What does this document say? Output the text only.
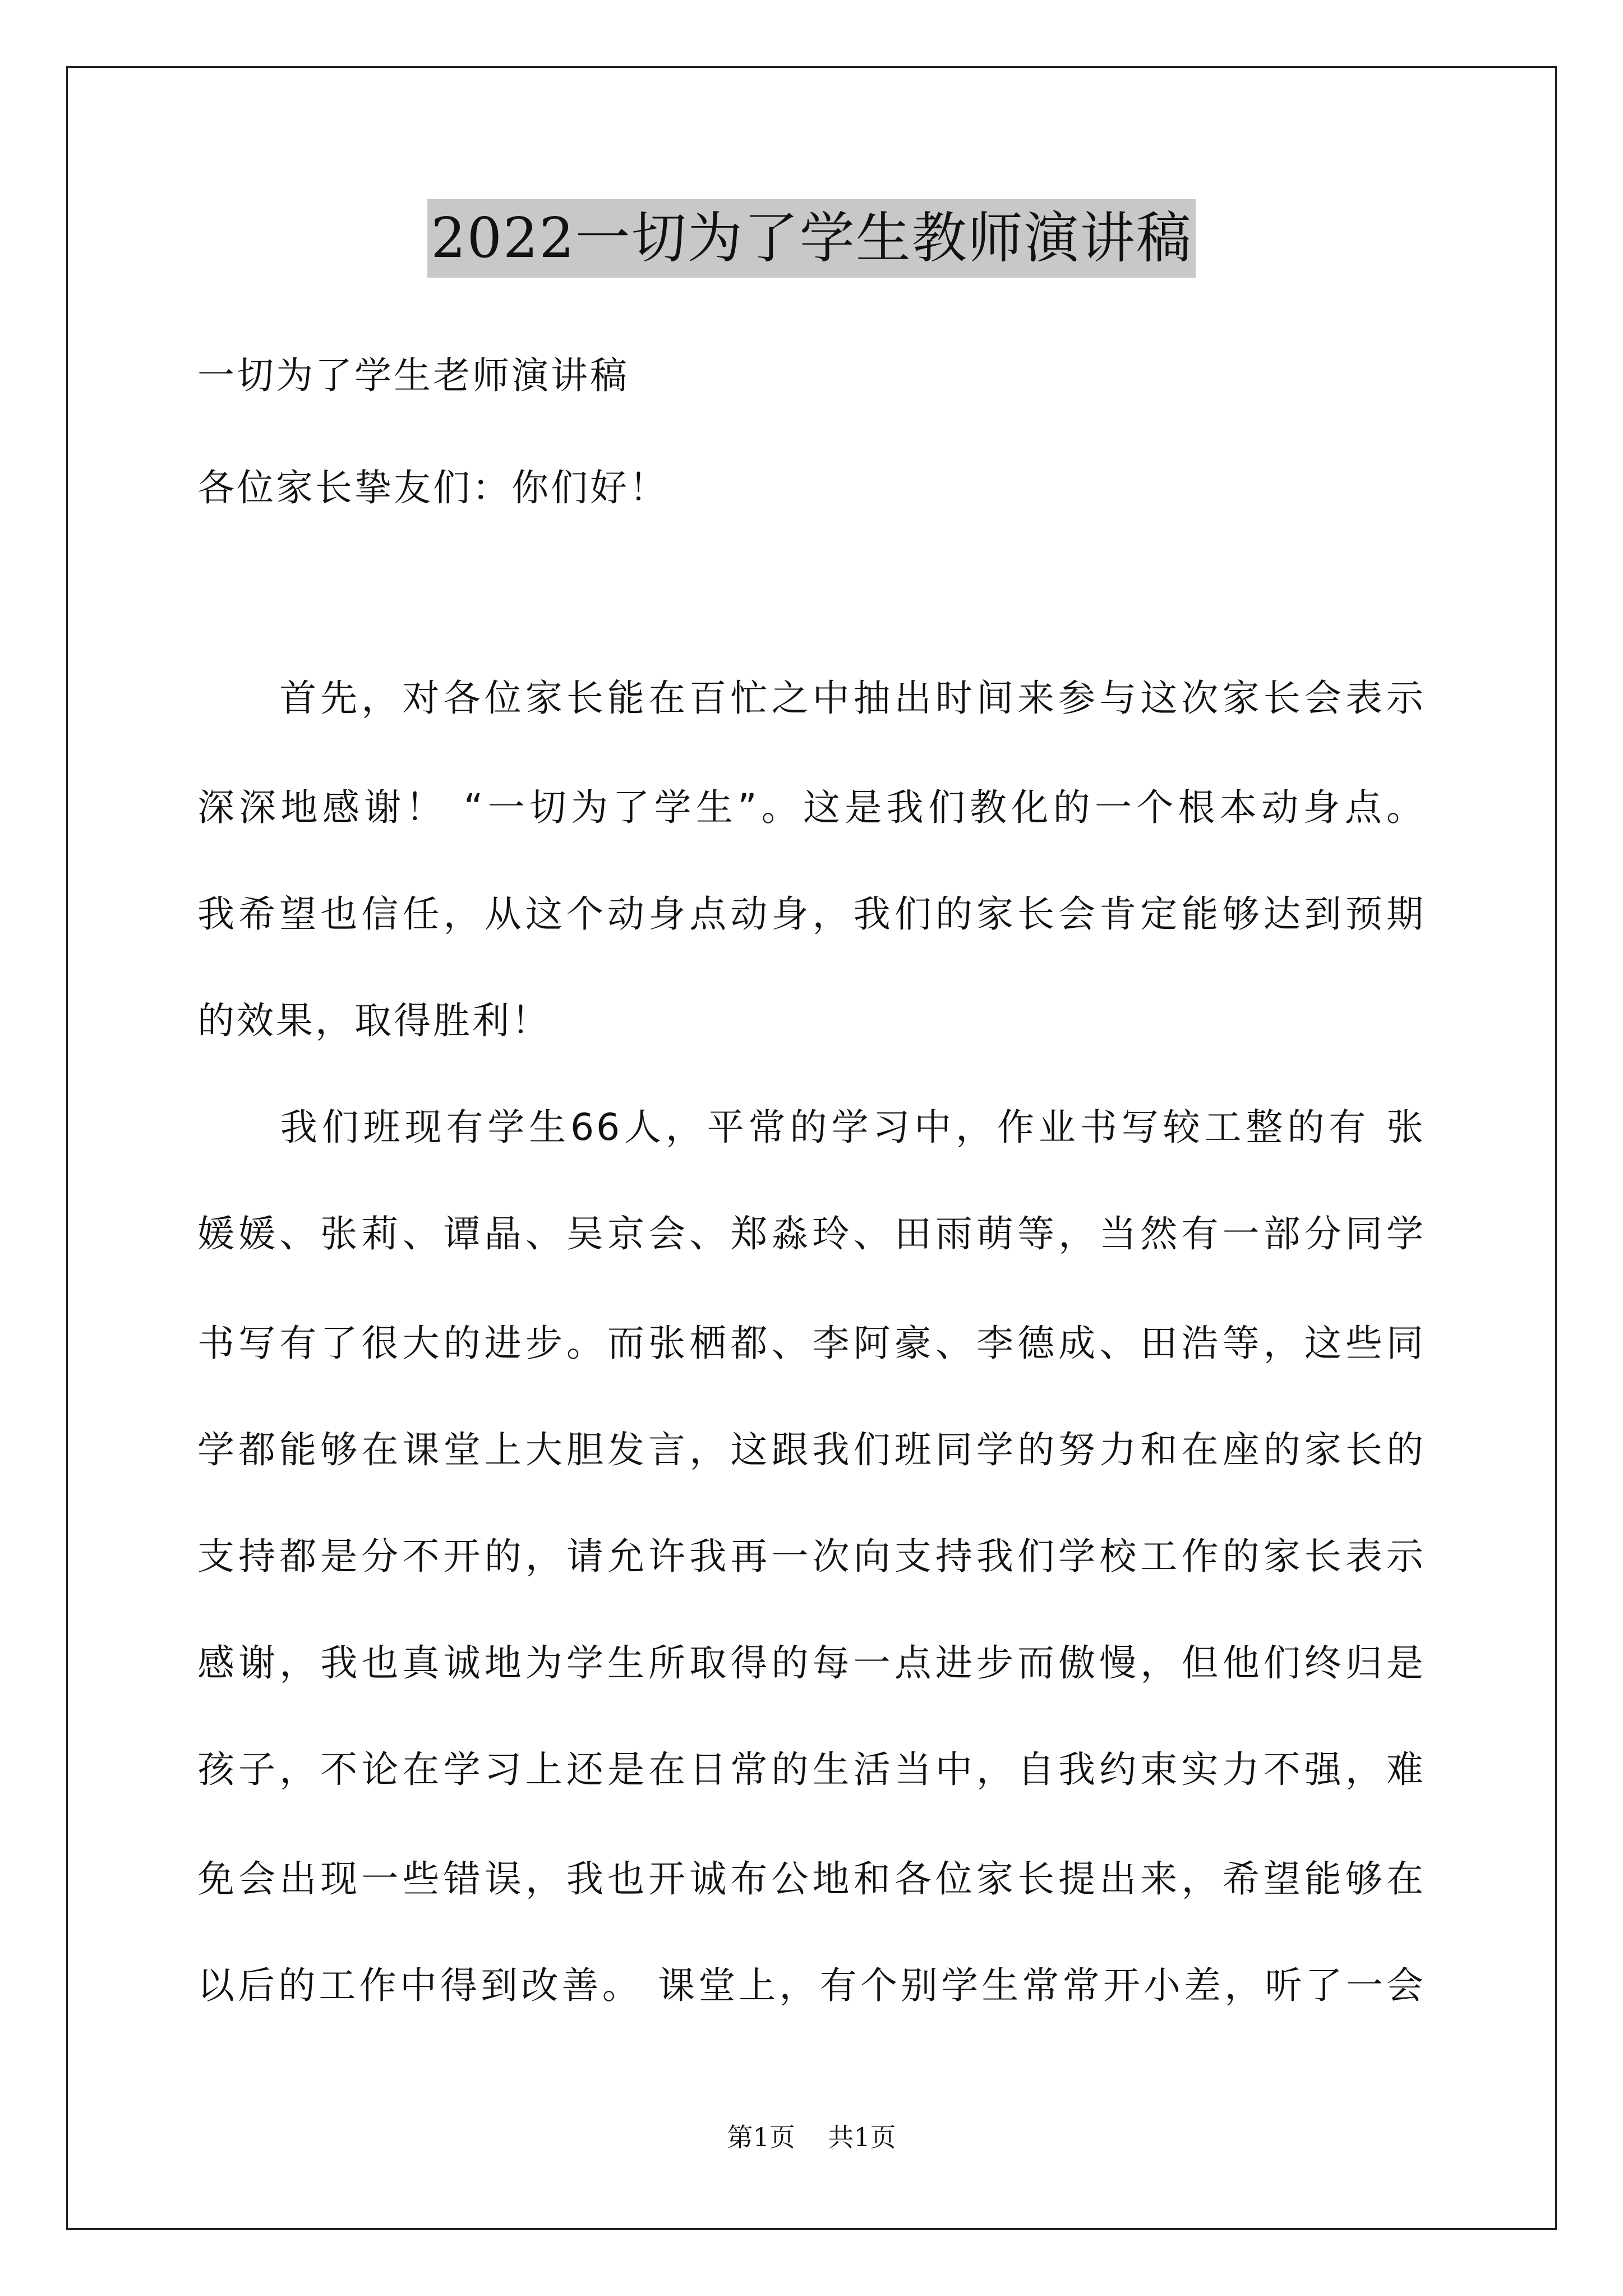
2022一切为了学生教师演讲稿
一切为了学生老师演讲稿
各位家长挚友们：你们好！
　　首先，对各位家长能在百忙之中抽出时间来参与这次家长会表示
深深地感谢！ “一切为了学生”。这是我们教化的一个根本动身点。
我希望也信任，从这个动身点动身，我们的家长会肯定能够达到预期
的效果，取得胜利！
　　我们班现有学生66人，平常的学习中，作业书写较工整的有 张
媛媛、张莉、谭晶、吴京会、郑淼玲、田雨萌等，当然有一部分同学
书写有了很大的进步。而张栖都、李阿豪、李德成、田浩等，这些同
学都能够在课堂上大胆发言，这跟我们班同学的努力和在座的家长的
支持都是分不开的，请允许我再一次向支持我们学校工作的家长表示
感谢，我也真诚地为学生所取得的每一点进步而傲慢，但他们终归是
孩子，不论在学习上还是在日常的生活当中，自我约束实力不强，难
免会出现一些错误，我也开诚布公地和各位家长提出来，希望能够在
以后的工作中得到改善。 课堂上，有个别学生常常开小差，听了一会
第1页 共1页
